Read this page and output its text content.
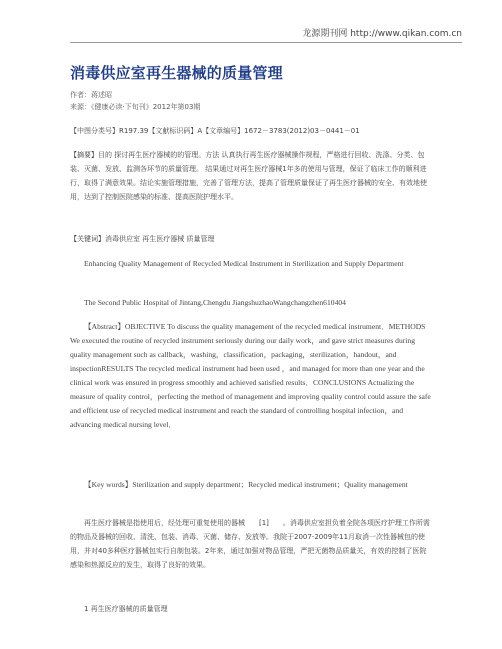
龙源期刊网 http://www.qikan.com.cn
消毒供应室再生器械的质量管理
作者：蒋述昭
来源：《健康必读·下旬刊》2012年第03期
【中图分类号】R197.39【文献标识码】A【文章编号】1672－3783(2012)03－0441－01
【摘要】目的 探讨再生医疗器械的的管理。方法 认真执行再生医疗器械操作规程，严格进行回收、洗涤、分类、包装、灭菌、发放、监测各环节的质量管理。 结果通过对再生医疗器械1年多的使用与管理，保证了临床工作的顺利进行，取得了满意效果。结论实施管理措施，完善了管理方法，提高了管理质量保证了再生医疗器械的安全、有效地使用，达到了控制医院感染的标准、提高医院护理水平。
【关键词】消毒供应室 再生医疗器械 质量管理
Enhancing Quality Management of Recycled Medical Instrument in Sterilization and Supply Department
The Second Public Hospital of Jintang,Chengdu JiangshuzhaoWangchangzhen610404
【Abstract】OBJECTIVE To discuss the quality management of the recycled medical instrument．METHODS We executed the routine of recycled instrument seriously during our daily work，and gave strict measures during quality management such as callback，washing，classification，packaging，sterilization，handout，and inspectionRESULTS The recycled medical instrument had been used ，and managed for more than one year and the clinical work was ensured in progress smoothly and achieved satisfied results．CONCLUSIONS Actualizing the measure of quality control，perfecting the method of management and improving quality control could assure the safe and efficient use of recycled medical instrument and reach the standard of controlling hospital infection，and advancing medical nursing level．
【Key words】Sterilization and supply department；Recycled medical instrument；Quality management
再生医疗器械是指使用后，经处理可重复使用的器械　　[1]　　。消毒供应室担负着全院各项医疗护理工作所需的物品及器械的回收、清洗、包装、消毒、灭菌、储存、发放等。我院于2007-2009年11月取消一次性器械包的使用，并对40多种医疗器械包实行自制包装。2年来，通过加强对物品管理，严把无菌物品质量关，有效的控制了医院感染和热源反应的发生，取得了良好的效果。
1 再生医疗器械的质量管理
